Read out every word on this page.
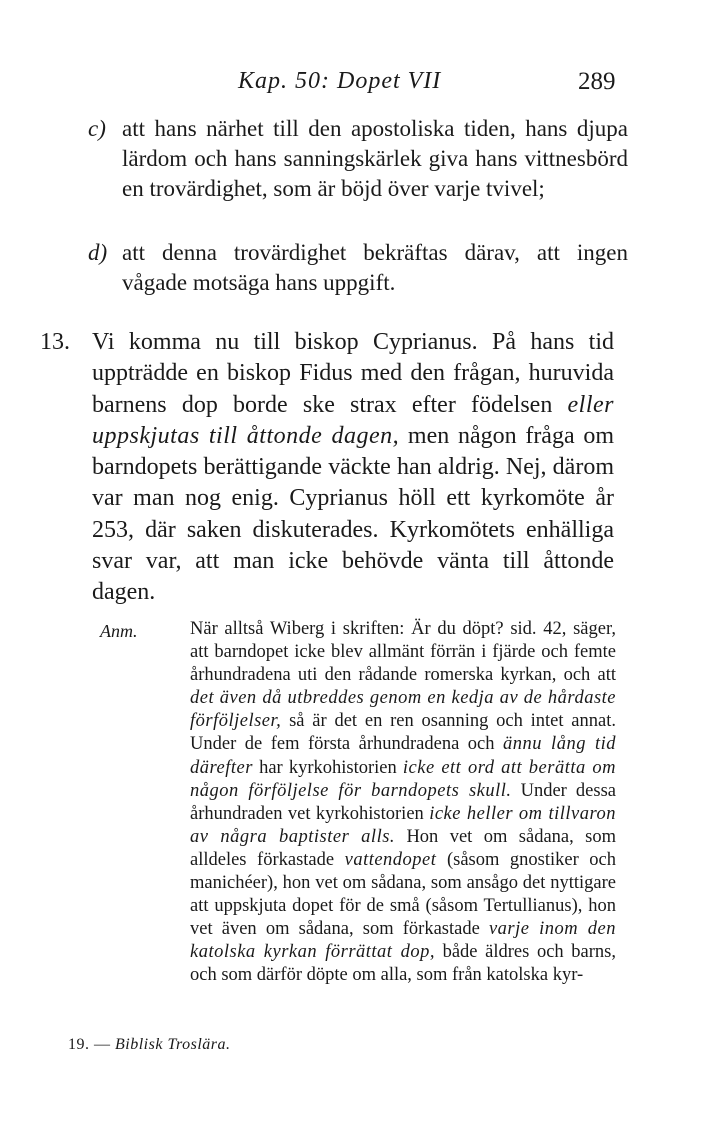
Kap. 50: Dopet VII	289
c) att hans närhet till den apostoliska tiden, hans djupa lärdom och hans sanningskärlek giva hans vittnesbörd en trovärdighet, som är böjd över varje tvivel;
d) att denna trovärdighet bekräftas därav, att ingen vågade motsäga hans uppgift.
13. Vi komma nu till biskop Cyprianus. På hans tid uppträdde en biskop Fidus med den frågan, huruvida barnens dop borde ske strax efter födelsen eller uppskjutas till åttonde dagen, men någon fråga om barndopets berättigande väckte han aldrig. Nej, därom var man nog enig. Cyprianus höll ett kyrkomöte år 253, där saken diskuterades. Kyrkomötets enhälliga svar var, att man icke behövde vänta till åttonde dagen.
Anm.	När alltså Wiberg i skriften: Är du döpt? sid. 42, säger, att barndopet icke blev allmänt förrän i fjärde och femte århundradena uti den rådande romerska kyrkan, och att det även då utbreddes genom en kedja av de hårdaste förföljelser, så är det en ren osanning och intet annat. Under de fem första århundradena och ännu lång tid därefter har kyrkohistorien icke ett ord att berätta om någon förföljelse för barndopets skull. Under dessa århundraden vet kyrkohistorien icke heller om tillvaron av några baptister alls. Hon vet om sådana, som alldeles förkastade vattendopet (såsom gnostiker och manichéer), hon vet om sådana, som ansågo det nyttigare att uppskjuta dopet för de små (såsom Tertullianus), hon vet även om sådana, som förkastade varje inom den katolska kyrkan förrättat dop, både äldres och barns, och som därför döpte om alla, som från katolska kyr-
19. — Biblisk Troslära.
